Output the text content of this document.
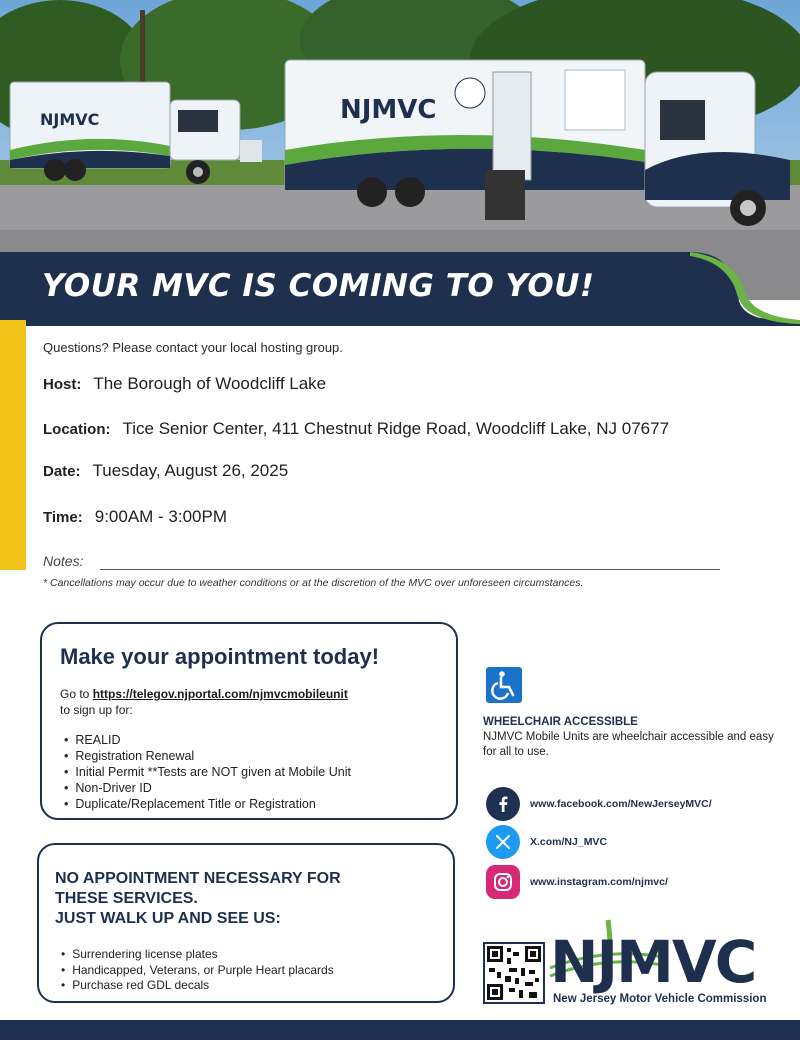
NJMVC	NJMVC
YOUR MVC IS COMING TO YOU!
Questions? Please contact your local hosting group.
Host: The Borough of Woodcliff Lake
Location: Tice Senior Center, 411 Chestnut Ridge Road, Woodcliff Lake, NJ 07677
Date: Tuesday, August 26, 2025
Time: 9:00AM - 3:00PM
Notes:
* Cancellations may occur due to weather conditions or at the discretion of the MVC over unforeseen circumstances.
Make your appointment today!
Go to https://telegov.njportal.com/njmvcmobileunit
to sign up for:
• REALID
• Registration Renewal
• Initial Permit **Tests are NOT given at Mobile Unit
• Non-Driver ID
• Duplicate/Replacement Title or Registration
NO APPOINTMENT NECESSARY FOR
THESE SERVICES.
JUST WALK UP AND SEE US:
• Surrendering license plates
• Handicapped, Veterans, or Purple Heart placards
• Purchase red GDL decals
WHEELCHAIR ACCESSIBLE
NJMVC Mobile Units are wheelchair accessible and easy for all to use.
www.facebook.com/NewJerseyMVC/
X.com/NJ_MVC
www.instagram.com/njmvc/
NJMVC
New Jersey Motor Vehicle Commission
